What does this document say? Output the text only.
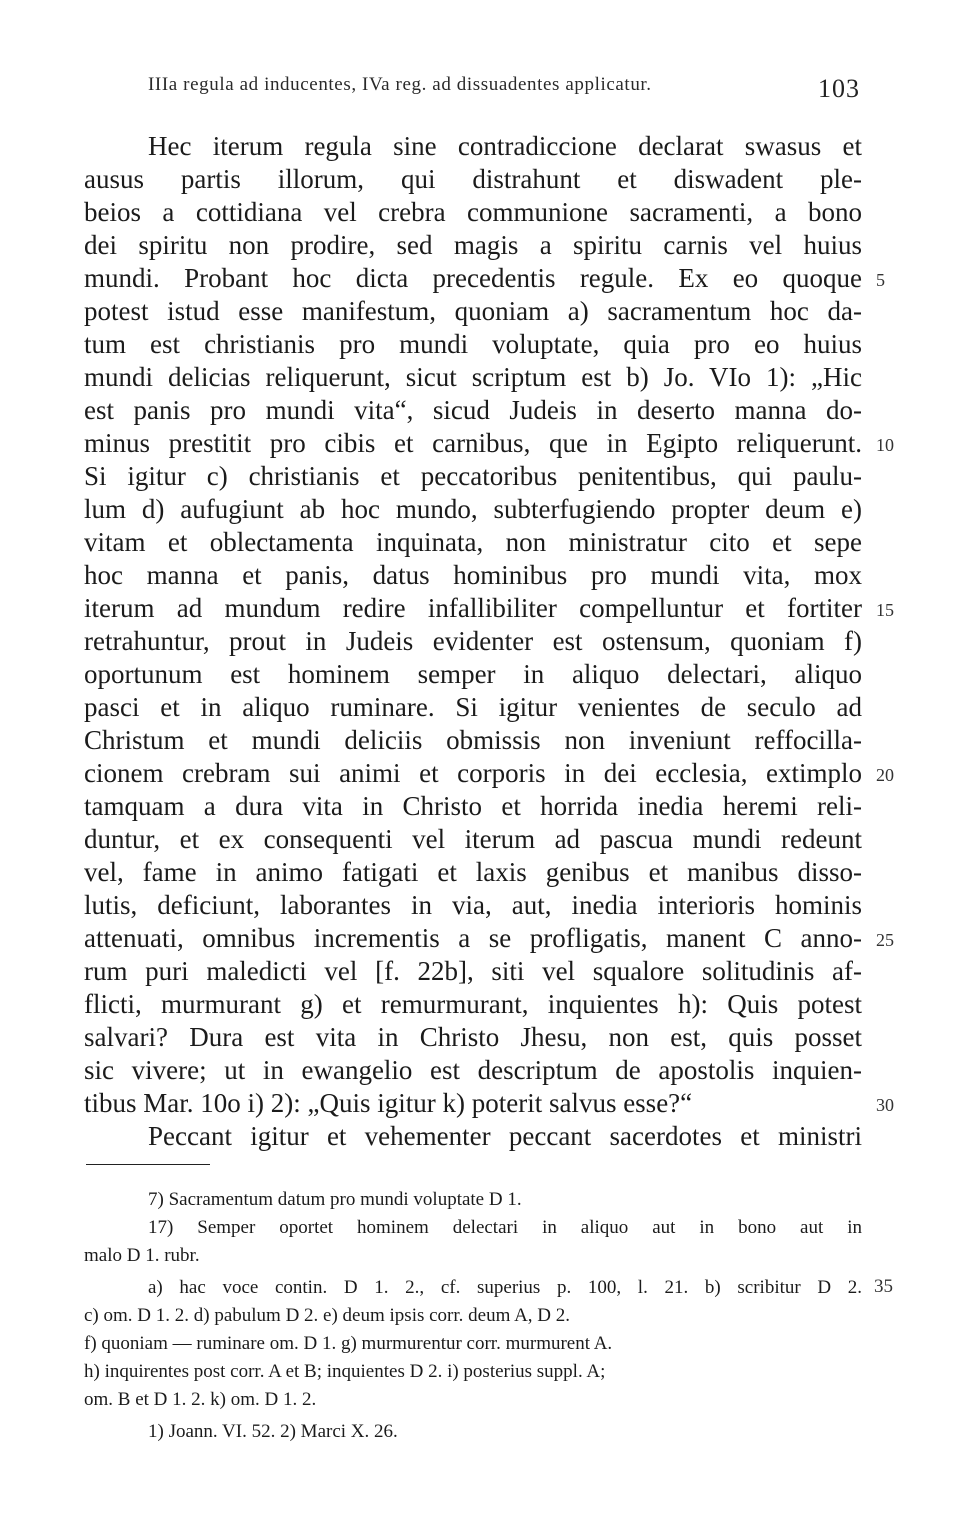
IIIa regula ad inducentes, IVa reg. ad dissuadentes applicatur.	103
Hec iterum regula sine contradiccione declarat swasus et
ausus partis illorum, qui distrahunt et diswadent ple-
beios a cottidiana vel crebra communione sacramenti, a bono
dei spiritu non prodire, sed magis a spiritu carnis vel huius
mundi. Probant hoc dicta precedentis regule. Ex eo quoque
potest istud esse manifestum, quoniam a) sacramentum hoc da-
tum est christianis pro mundi voluptate, quia pro eo huius
mundi delicias reliquerunt, sicut scriptum est b) Jo. VIo 1): „Hic
est panis pro mundi vita“, sicud Judeis in deserto manna do-
minus prestitit pro cibis et carnibus, que in Egipto reliquerunt.
Si igitur c) christianis et peccatoribus penitentibus, qui paulu-
lum d) aufugiunt ab hoc mundo, subterfugiendo propter deum e)
vitam et oblectamenta inquinata, non ministratur cito et sepe
hoc manna et panis, datus hominibus pro mundi vita, mox
iterum ad mundum redire infallibiliter compelluntur et fortiter
retrahuntur, prout in Judeis evidenter est ostensum, quoniam f)
oportunum est hominem semper in aliquo delectari, aliquo
pasci et in aliquo ruminare. Si igitur venientes de seculo ad
Christum et mundi deliciis obmissis non inveniunt reffocilla-
cionem crebram sui animi et corporis in dei ecclesia, extimplo
tamquam a dura vita in Christo et horrida inedia heremi reli-
duntur, et ex consequenti vel iterum ad pascua mundi redeunt
vel, fame in animo fatigati et laxis genibus et manibus disso-
lutis, deficiunt, laborantes in via, aut, inedia interioris hominis
attenuati, omnibus incrementis a se profligatis, manent C anno-
rum puri maledicti vel [f. 22b], siti vel squalore solitudinis af-
flicti, murmurant g) et remurmurant, inquientes h): Quis potest
salvari? Dura est vita in Christo Jhesu, non est, quis posset
sic vivere; ut in ewangelio est descriptum de apostolis inquien-
tibus Mar. 10o i) 2): „Quis igitur k) poterit salvus esse?“
Peccant igitur et vehementer peccant sacerdotes et ministri
5
10
15
20
25
30
7) Sacramentum datum pro mundi voluptate D 1.
17) Semper oportet hominem delectari in aliquo aut in bono aut in
malo D 1. rubr.
a) hac voce contin. D 1. 2., cf. superius p. 100, l. 21. b) scribitur D 2.
c) om. D 1. 2. d) pabulum D 2. e) deum ipsis corr. deum A, D 2.
f) quoniam — ruminare om. D 1. g) murmurentur corr. murmurent A.
h) inquirentes post corr. A et B; inquientes D 2. i) posterius suppl. A;
om. B et D 1. 2. k) om. D 1. 2.
1) Joann. VI. 52. 2) Marci X. 26.
35
